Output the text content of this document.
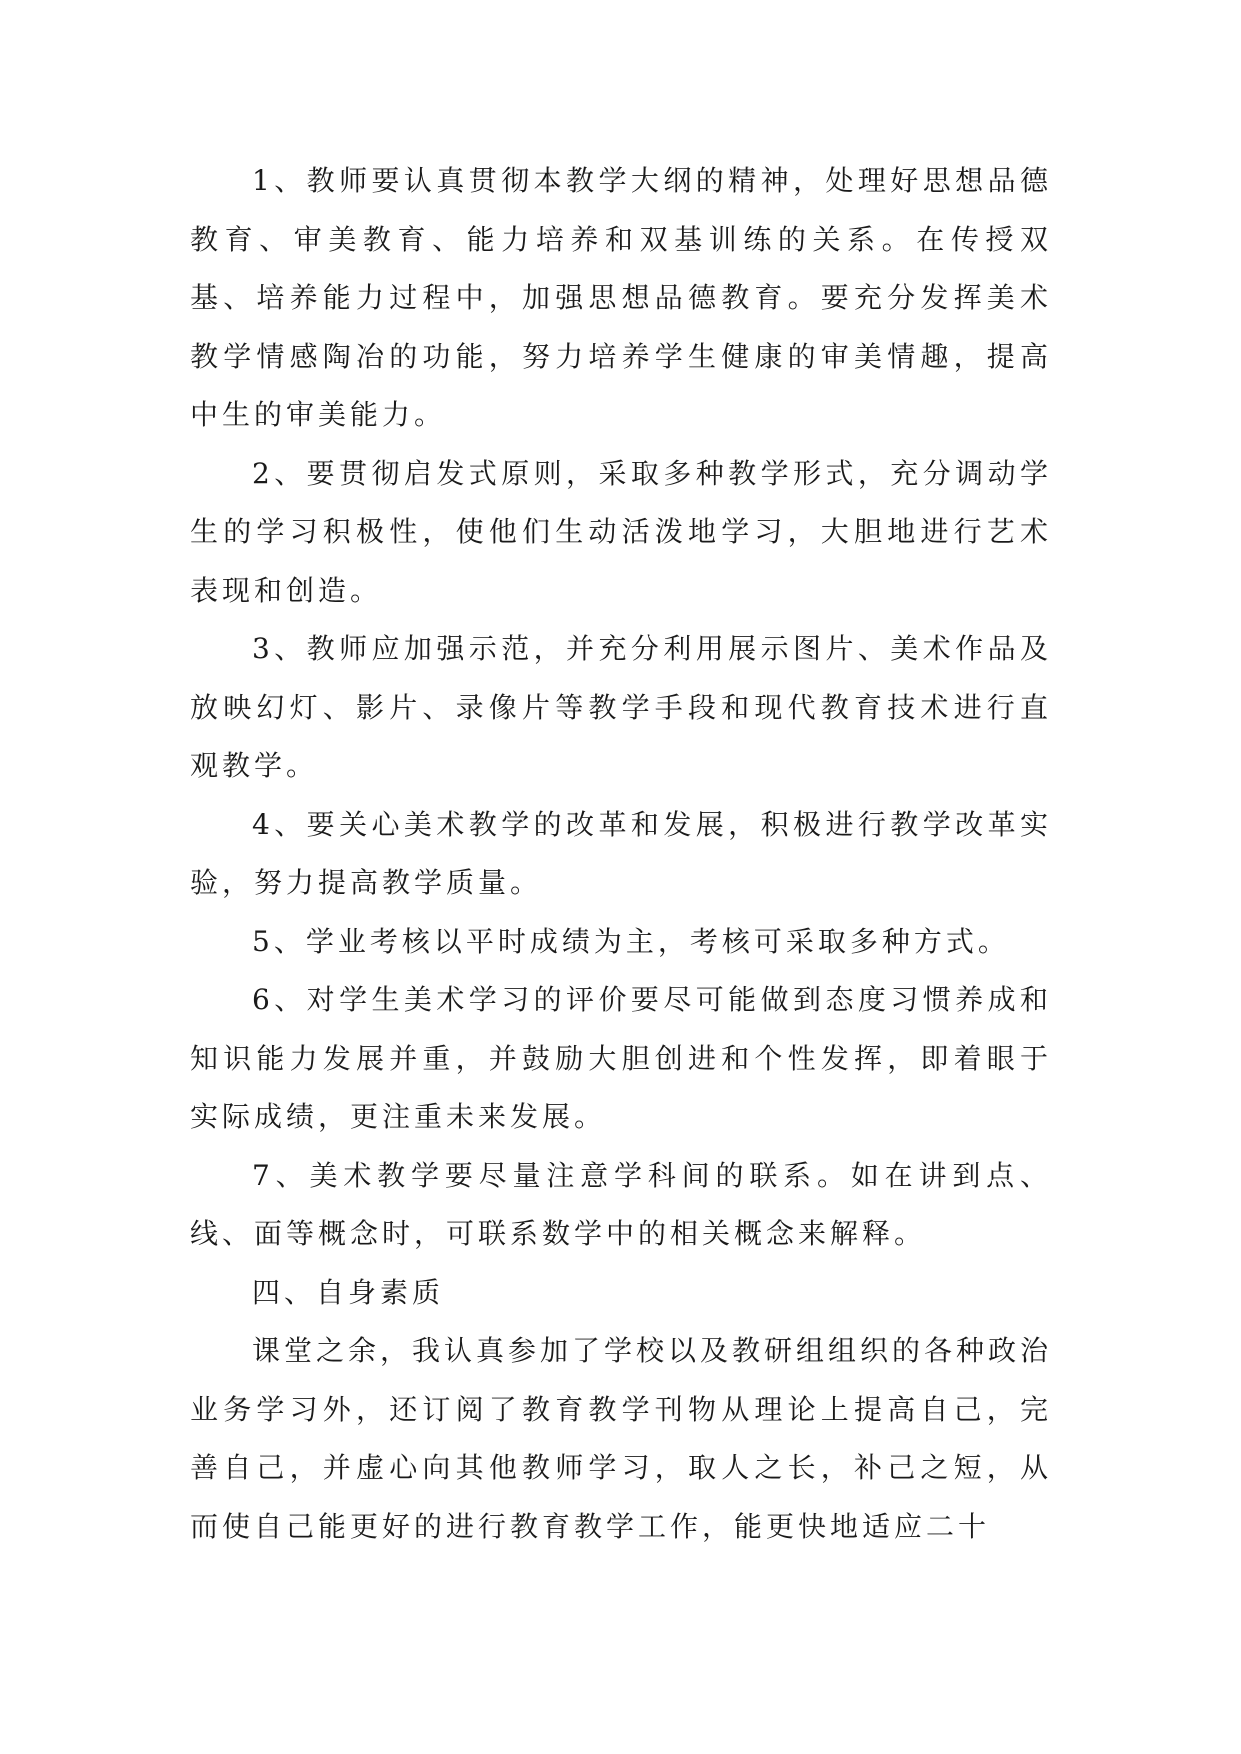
1、教师要认真贯彻本教学大纲的精神，处理好思想品德教育、审美教育、能力培养和双基训练的关系。在传授双基、培养能力过程中，加强思想品德教育。要充分发挥美术教学情感陶冶的功能，努力培养学生健康的审美情趣，提高中生的审美能力。

2、要贯彻启发式原则，采取多种教学形式，充分调动学生的学习积极性，使他们生动活泼地学习，大胆地进行艺术表现和创造。

3、教师应加强示范，并充分利用展示图片、美术作品及放映幻灯、影片、录像片等教学手段和现代教育技术进行直观教学。

4、要关心美术教学的改革和发展，积极进行教学改革实验，努力提高教学质量。

5、学业考核以平时成绩为主，考核可采取多种方式。

6、对学生美术学习的评价要尽可能做到态度习惯养成和知识能力发展并重，并鼓励大胆创进和个性发挥，即着眼于实际成绩，更注重未来发展。

7、美术教学要尽量注意学科间的联系。如在讲到点、线、面等概念时，可联系数学中的相关概念来解释。

四、自身素质

课堂之余，我认真参加了学校以及教研组组织的各种政治业务学习外，还订阅了教育教学刊物从理论上提高自己，完善自己，并虚心向其他教师学习，取人之长，补己之短，从而使自己能更好的进行教育教学工作，能更快地适应二十
